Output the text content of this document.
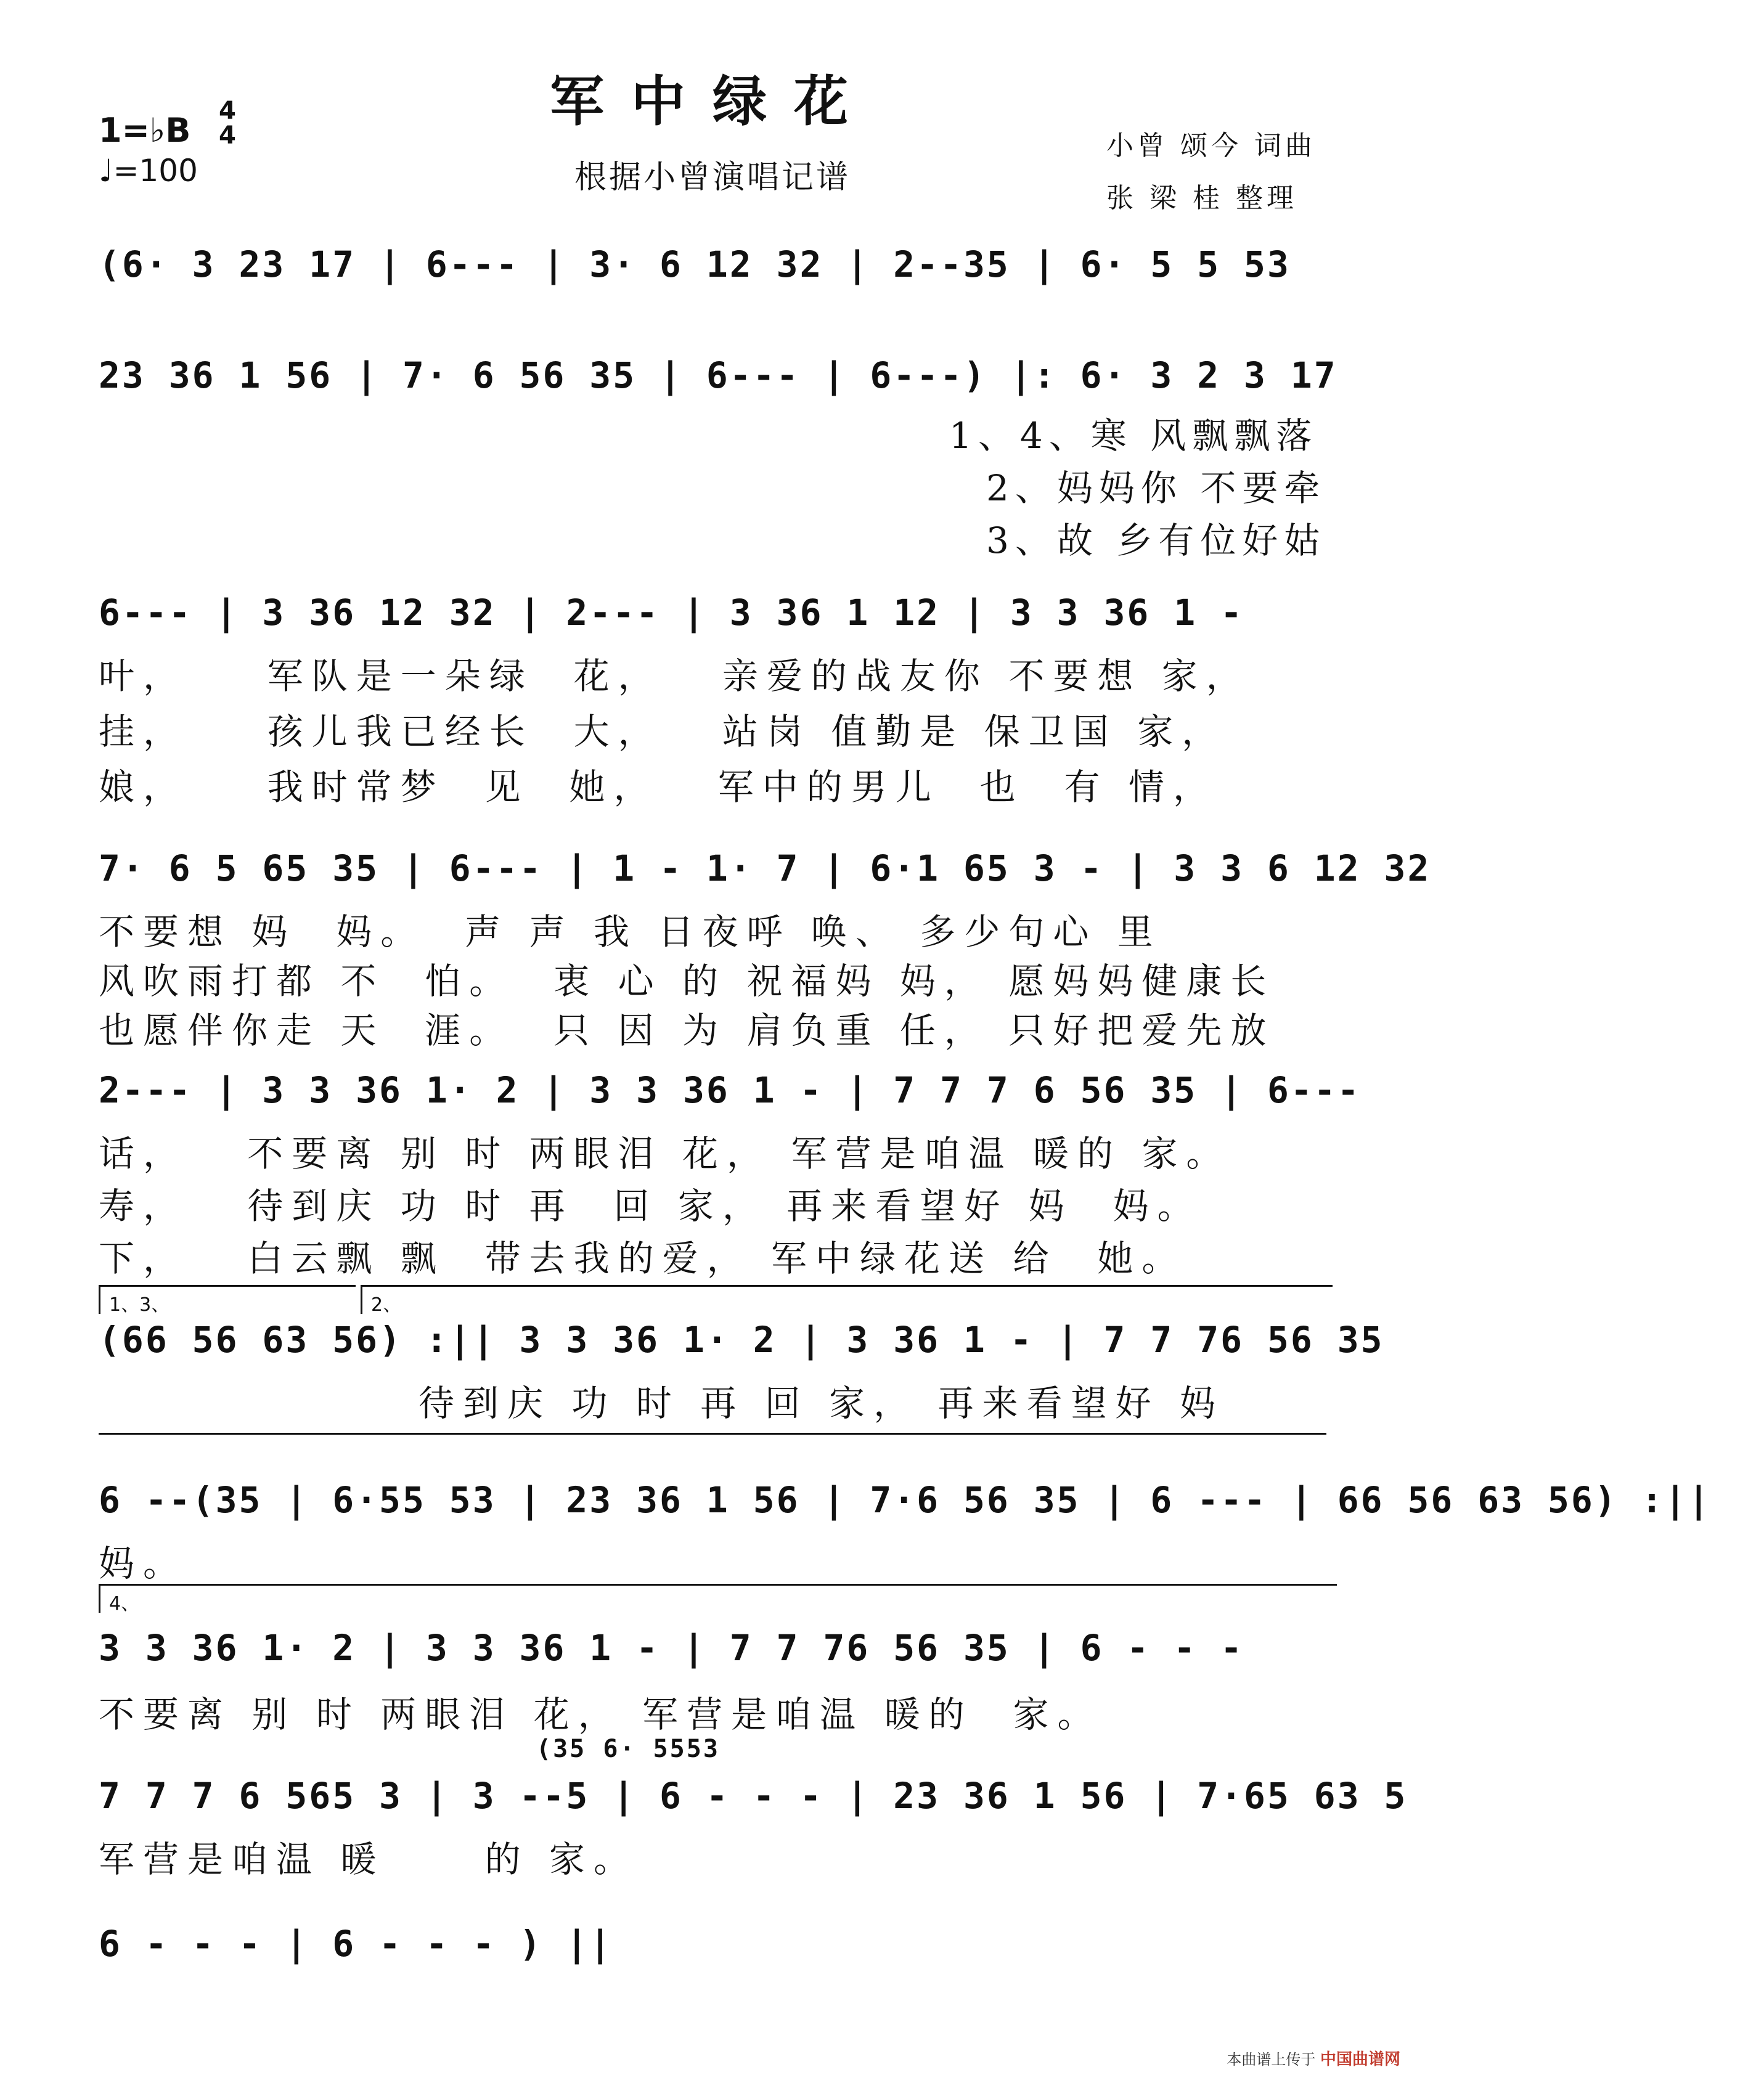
军中绿花
根据小曾演唱记谱
1=♭B 4
4
♩=100
小曾 颂今 词曲
张 梁 桂 整理
(6· 3 23 17 | 6--- | 3· 6 12 32 | 2--35 | 6· 5 5 53
23 36 1 56 | 7· 6 56 35 | 6--- | 6---) |: 6· 3 2 3 17
1、4、寒 风飘飘落
2、妈妈你 不要牵
3、故 乡有位好姑
6--- | 3 36 12 32 | 2--- | 3 36 1 12 | 3 3 36 1 -
叶，    军队是一朵绿  花，   亲爱的战友你 不要想 家，
挂，    孩儿我已经长  大，   站岗 值勤是 保卫国 家，
娘，    我时常梦  见  她，   军中的男儿  也  有 情，
7· 6 5 65 35 | 6--- | 1 - 1· 7 | 6·1 65 3 - | 3 3 6 12 32
不要想 妈  妈。  声 声 我 日夜呼 唤、 多少句心 里
风吹雨打都 不  怕。  衷 心 的 祝福妈 妈， 愿妈妈健康长
也愿伴你走 天  涯。  只 因 为 肩负重 任， 只好把爱先放
2--- | 3 3 36 1· 2 | 3 3 36 1 - | 7 7 7 6 56 35 | 6---
话，   不要离 别 时 两眼泪 花， 军营是咱温 暖的 家。
寿，   待到庆 功 时 再  回 家， 再来看望好 妈  妈。
下，   白云飘 飘  带去我的爱， 军中绿花送 给  她。
1、3、	2、
(66 56 63 56) :|| 3 3 36 1· 2 | 3 36 1 - | 7 7 76 56 35
待到庆 功 时 再 回 家， 再来看望好 妈
6 --(35 | 6·55 53 | 23 36 1 56 | 7·6 56 35 | 6 --- | 66 56 63 56) :||
妈。
4、
3 3 36 1· 2 | 3 3 36 1 - | 7 7 76 56 35 | 6 - - -
不要离 别 时 两眼泪 花， 军营是咱温 暖的  家。
(35 6· 5553
7 7 7 6 565 3 | 3 --5 | 6 - - - | 23 36 1 56 | 7·65 63 5
军营是咱温 暖     的 家。
6 - - - | 6 - - - ) ||
本曲谱上传于 中国曲谱网
